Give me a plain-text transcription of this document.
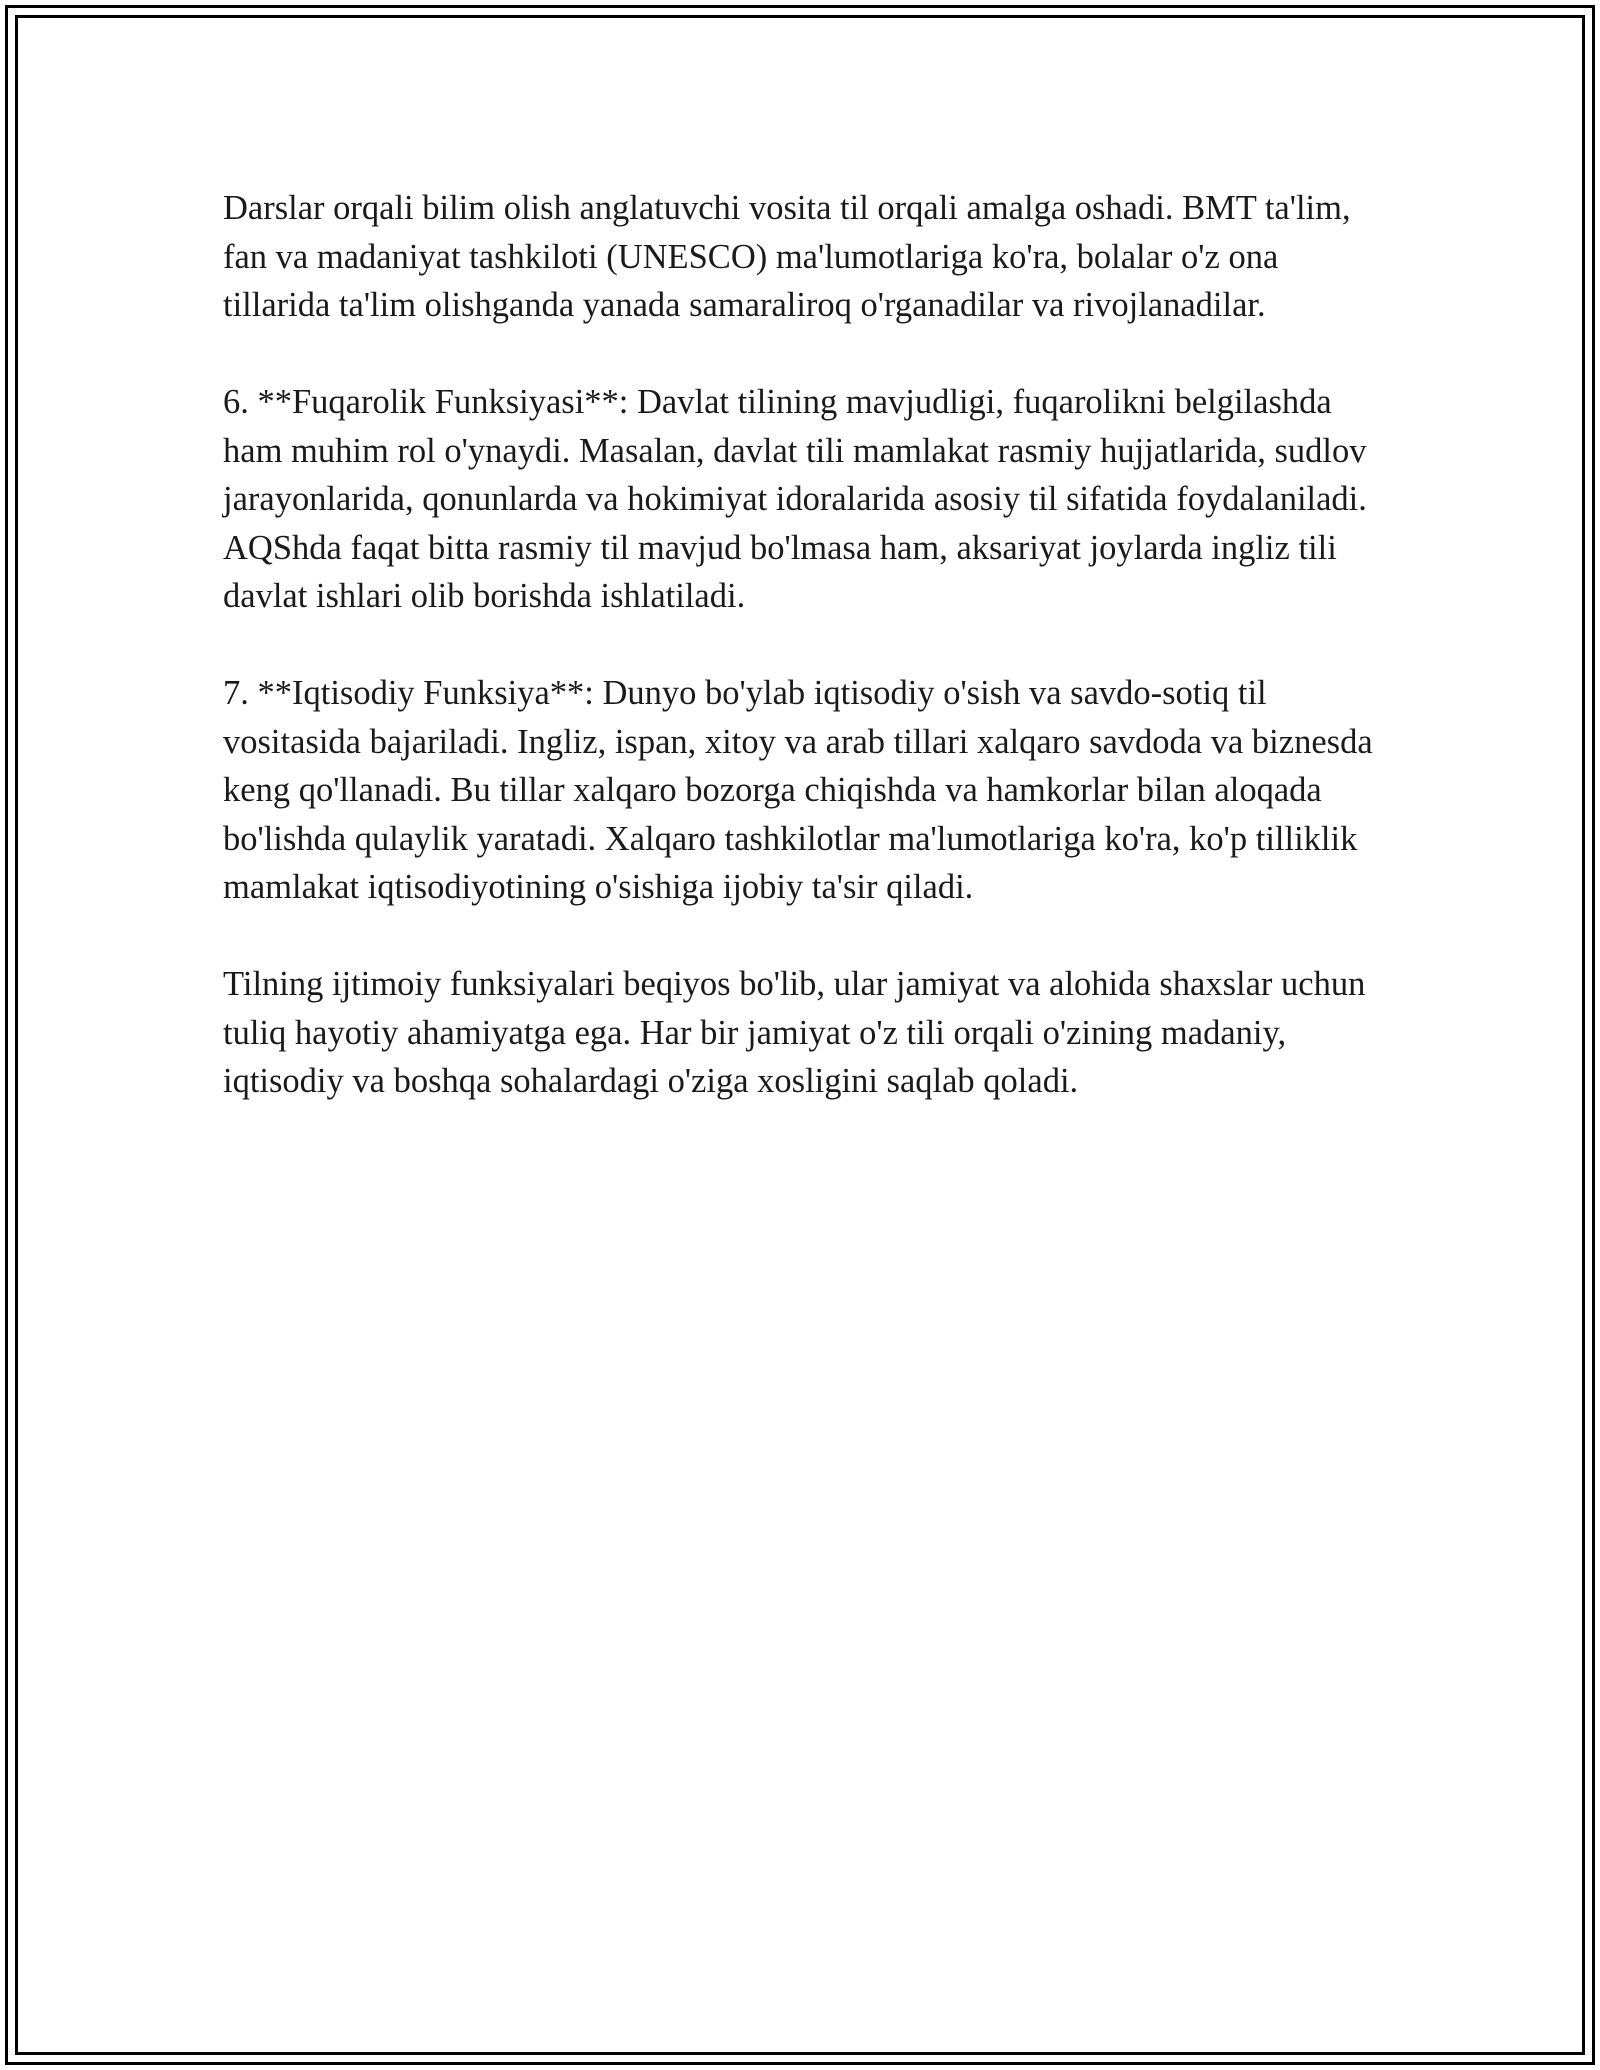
Darslar orqali bilim olish anglatuvchi vosita til orqali amalga oshadi. BMT ta'lim, fan va madaniyat tashkiloti (UNESCO) ma'lumotlariga ko'ra, bolalar o'z ona tillarida ta'lim olishganda yanada samaraliroq o'rganadilar va rivojlanadilar.

6. **Fuqarolik Funksiyasi**: Davlat tilining mavjudligi, fuqarolikni belgilashda ham muhim rol o'ynaydi. Masalan, davlat tili mamlakat rasmiy hujjatlarida, sudlov jarayonlarida, qonunlarda va hokimiyat idoralarida asosiy til sifatida foydalaniladi. AQShda faqat bitta rasmiy til mavjud bo'lmasa ham, aksariyat joylarda ingliz tili davlat ishlari olib borishda ishlatiladi.

7. **Iqtisodiy Funksiya**: Dunyo bo'ylab iqtisodiy o'sish va savdo-sotiq til vositasida bajariladi. Ingliz, ispan, xitoy va arab tillari xalqaro savdoda va biznesda keng qo'llanadi. Bu tillar xalqaro bozorga chiqishda va hamkorlar bilan aloqada bo'lishda qulaylik yaratadi. Xalqaro tashkilotlar ma'lumotlariga ko'ra, ko'p tilliklik mamlakat iqtisodiyotining o'sishiga ijobiy ta'sir qiladi.

Tilning ijtimoiy funksiyalari beqiyos bo'lib, ular jamiyat va alohida shaxslar uchun tuliq hayotiy ahamiyatga ega. Har bir jamiyat o'z tili orqali o'zining madaniy, iqtisodiy va boshqa sohalardagi o'ziga xosligini saqlab qoladi.
